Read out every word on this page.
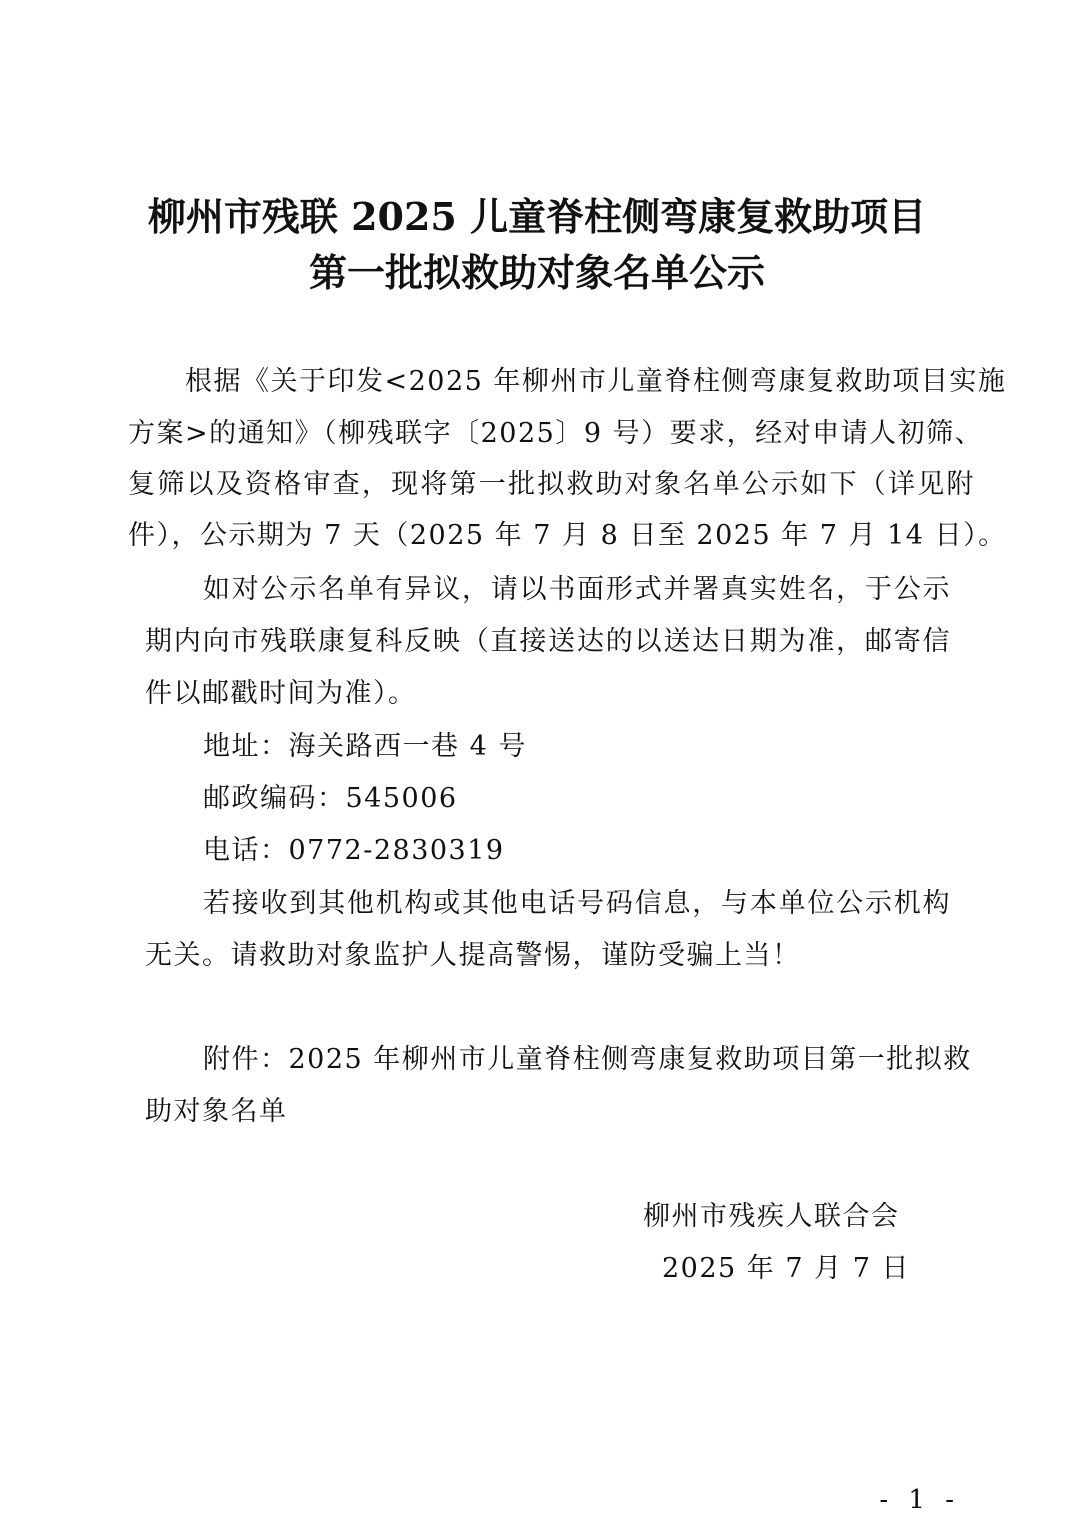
柳州市残联 2025 儿童脊柱侧弯康复救助项目
第一批拟救助对象名单公示
根据《关于印发<2025 年柳州市儿童脊柱侧弯康复救助项目实施
方案>的通知》（柳残联字〔2025〕9 号）要求，经对申请人初筛、
复筛以及资格审查，现将第一批拟救助对象名单公示如下（详见附
件），公示期为 7 天（2025 年 7 月 8 日至 2025 年 7 月 14 日）。
如对公示名单有异议，请以书面形式并署真实姓名，于公示
期内向市残联康复科反映（直接送达的以送达日期为准，邮寄信
件以邮戳时间为准）。
地址：海关路西一巷 4 号
邮政编码：545006
电话：0772-2830319
若接收到其他机构或其他电话号码信息，与本单位公示机构
无关。请救助对象监护人提高警惕，谨防受骗上当！
附件：2025 年柳州市儿童脊柱侧弯康复救助项目第一批拟救
助对象名单
柳州市残疾人联合会
2025 年 7 月 7 日
- 1 -
